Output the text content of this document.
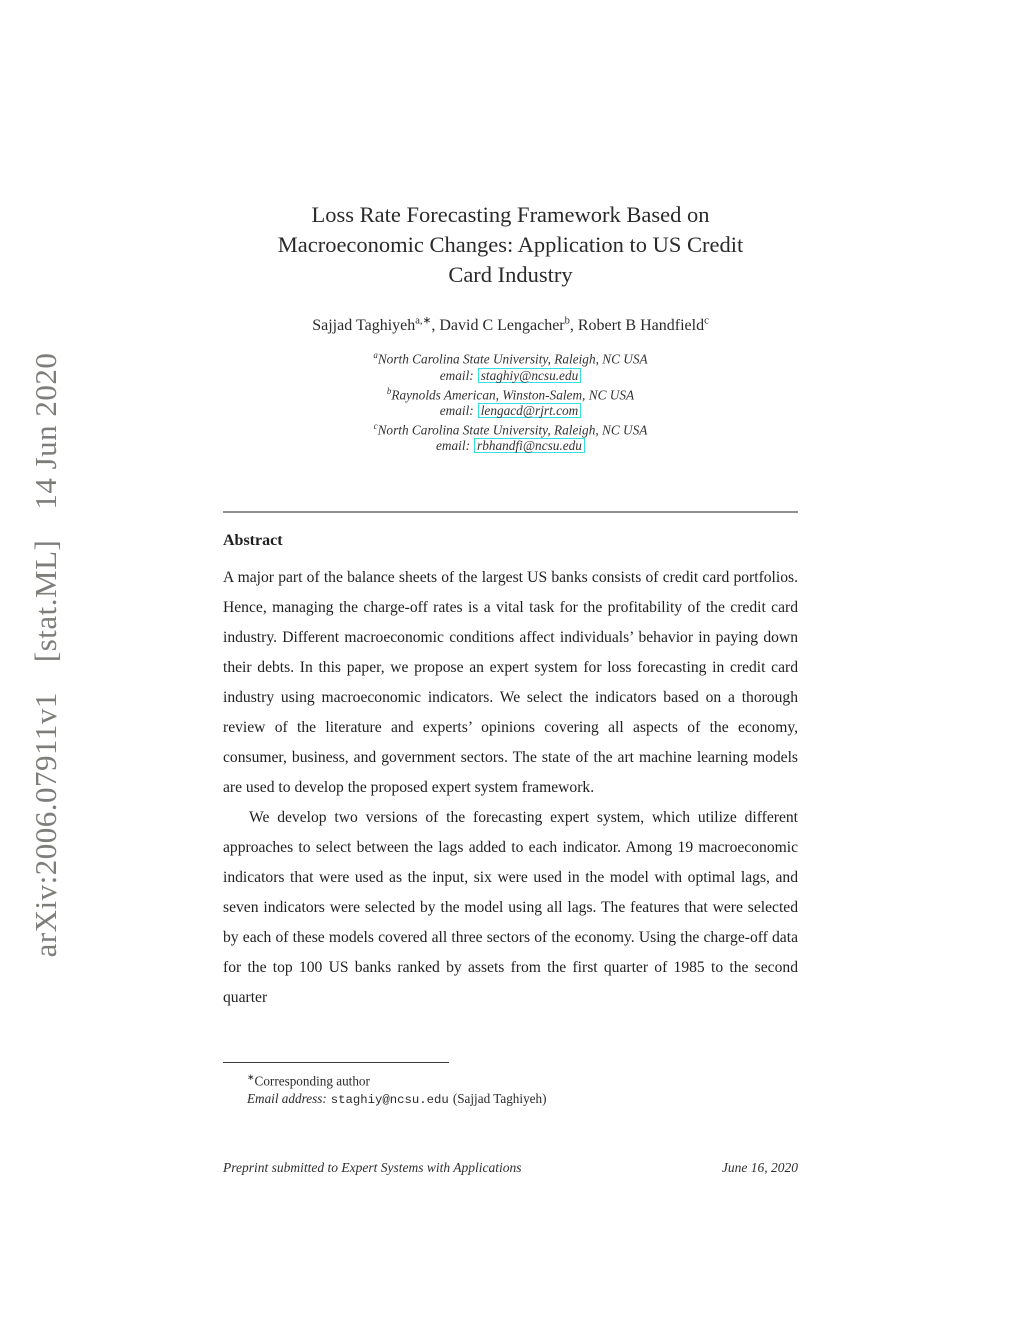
arXiv:2006.07911v1
[stat.ML]
14 Jun 2020
Loss Rate Forecasting Framework Based on
Macroeconomic Changes: Application to US Credit
Card Industry
Sajjad Taghiyeh$^{a,∗}$, David C Lengacher$^b$, Robert B Handfield$^c$
$^a$North Carolina State University, Raleigh, NC USA
email: staghiy@ncsu.edu
$^b$Raynolds American, Winston-Salem, NC USA
email: lengacd@rjrt.com
$^c$North Carolina State University, Raleigh, NC USA
email: rbhandfi@ncsu.edu
Abstract

A major part of the balance sheets of the largest US banks consists of credit card portfolios. Hence, managing the charge-off rates is a vital task for the profitability of the credit card industry. Different macroeconomic conditions affect individuals’ behavior in paying down their debts. In this paper, we propose an expert system for loss forecasting in credit card industry using macroeconomic indicators. We select the indicators based on a thorough review of the literature and experts’ opinions covering all aspects of the economy, consumer, business, and government sectors. The state of the art machine learning models are used to develop the proposed expert system framework.

We develop two versions of the forecasting expert system, which utilize different approaches to select between the lags added to each indicator. Among 19 macroeconomic indicators that were used as the input, six were used in the model with optimal lags, and seven indicators were selected by the model using all lags. The features that were selected by each of these models covered all three sectors of the economy. Using the charge-off data for the top 100 US banks ranked by assets from the first quarter of 1985 to the second quarter

∗Corresponding author
Email address: staghiy@ncsu.edu (Sajjad Taghiyeh)
Preprint submitted to Expert Systems with Applications	June 16, 2020
